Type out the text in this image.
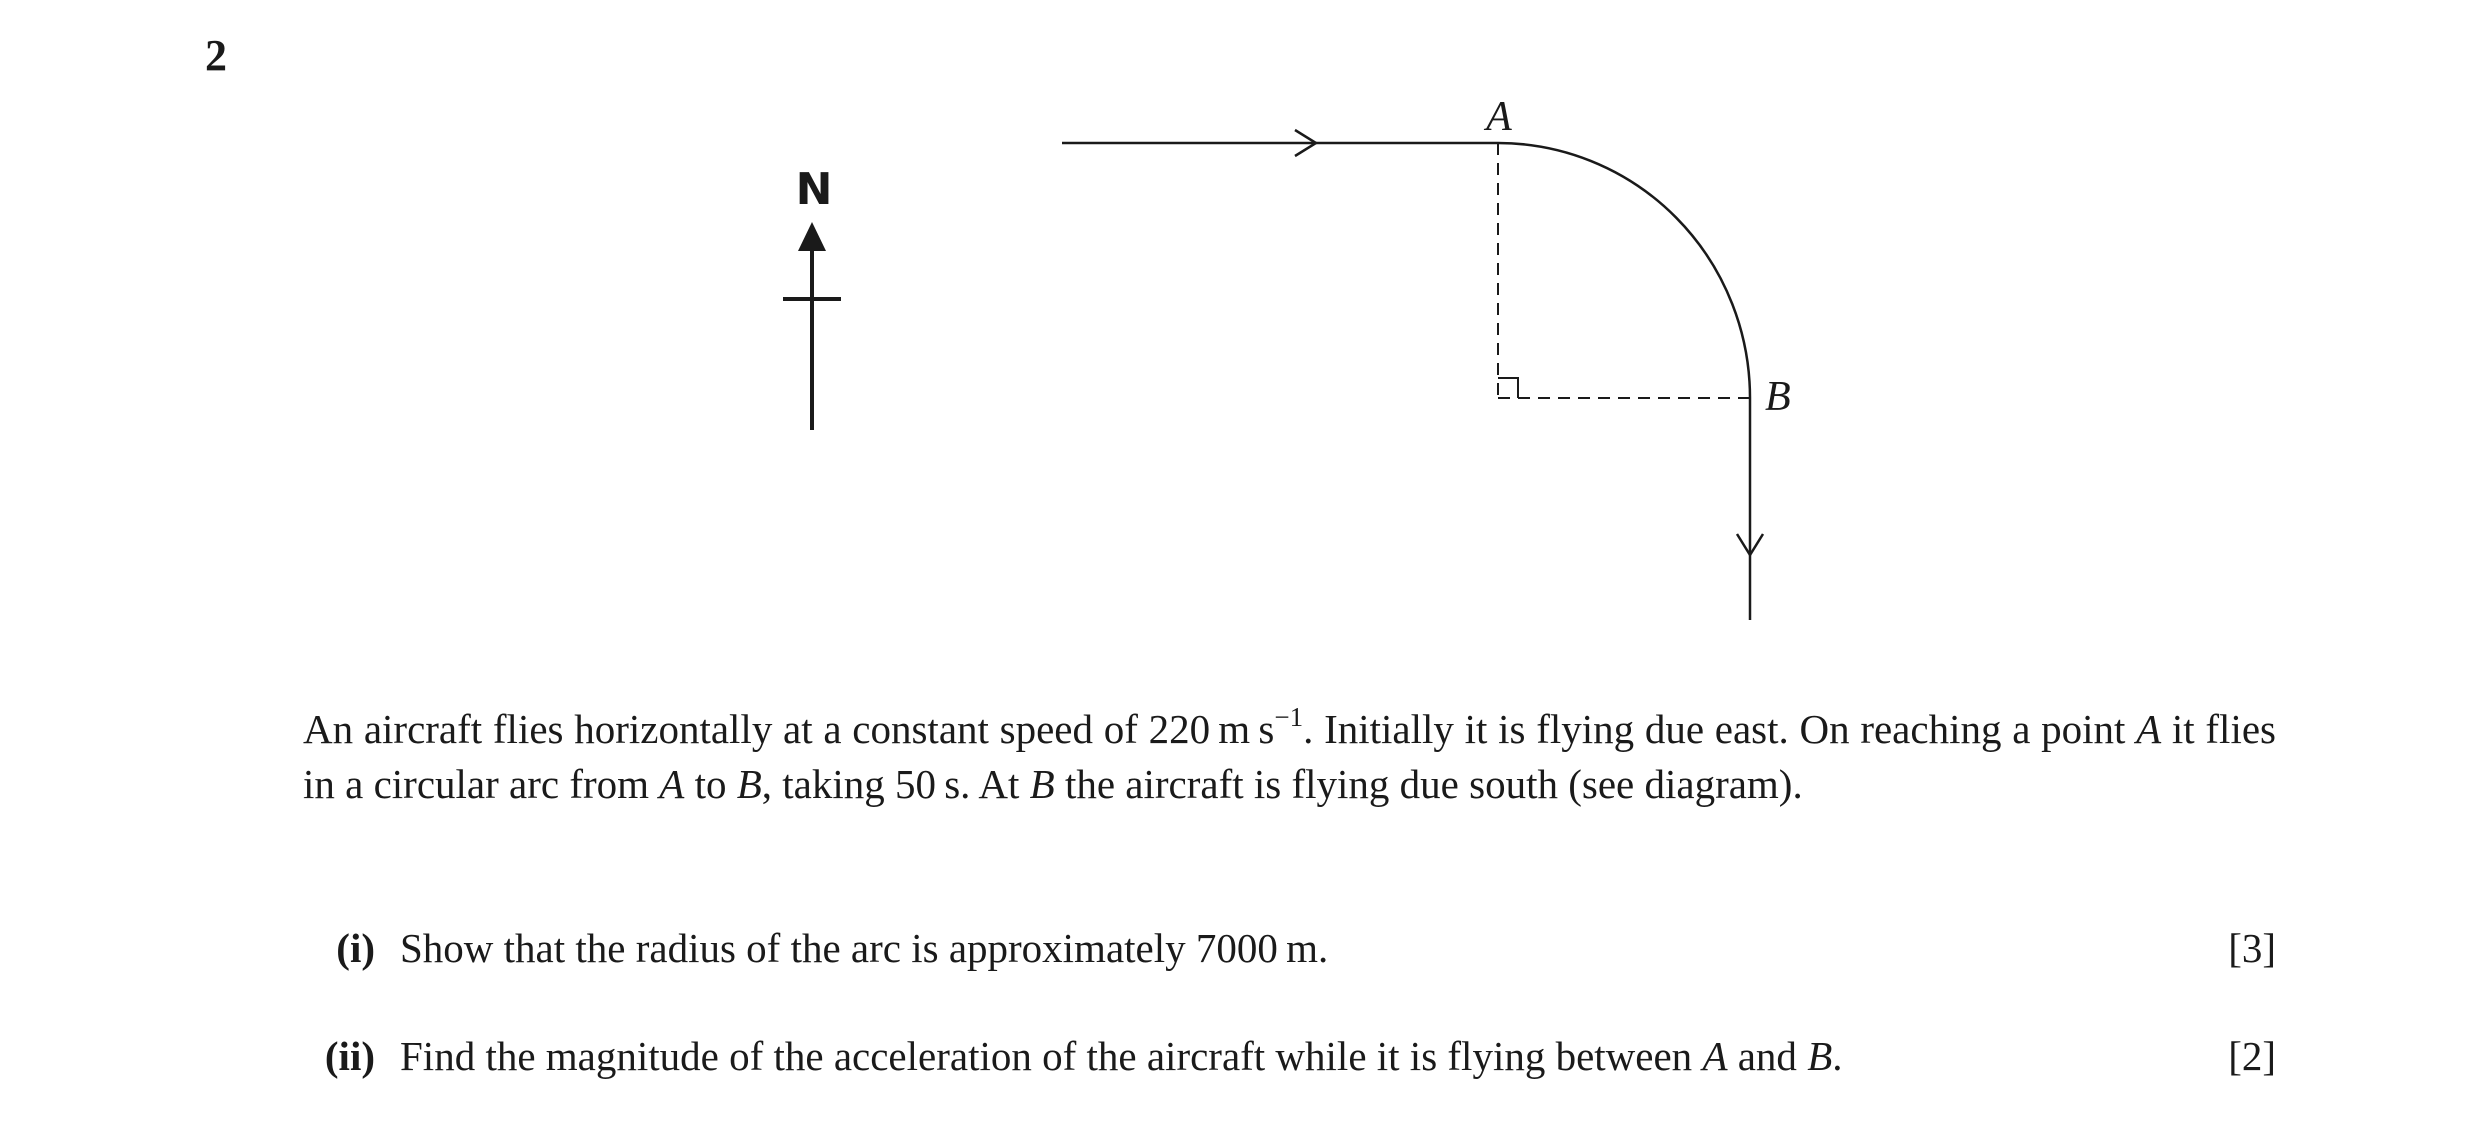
2
N
A
B
An aircraft flies horizontally at a constant speed of 220 m $s^{-1}$. Initially it is flying due east. On reaching a point A it flies in a circular arc from A to B, taking 50 s. At B the aircraft is flying due south (see diagram).
(i) Show that the radius of the arc is approximately 7000 m.	[3]
(ii) Find the magnitude of the acceleration of the aircraft while it is flying between A and B.	[2]
